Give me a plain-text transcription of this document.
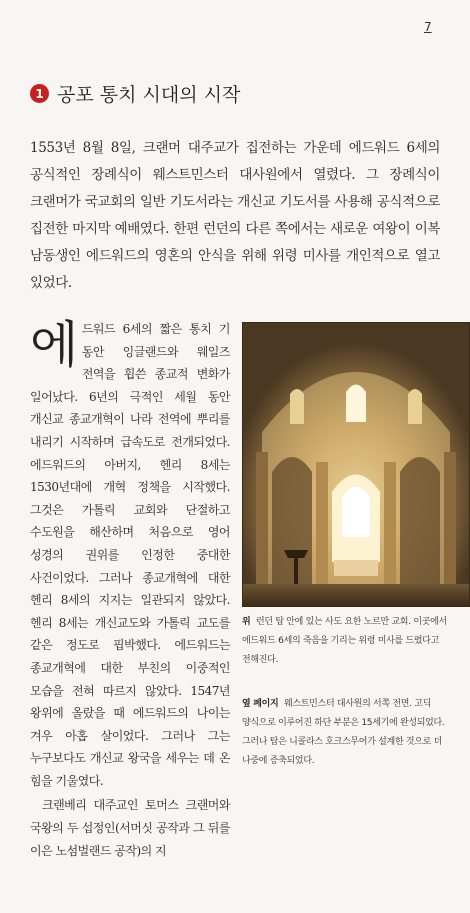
7
1 공포 통치 시대의 시작
1553년 8월 8일, 크랜머 대주교가 집전하는 가운데 에드워드 6세의 공식적인 장례식이 웨스트민스터 대사원에서 열렸다. 그 장례식이 크랜머가 국교회의 일반 기도서라는 개신교 기도서를 사용해 공식적으로 집전한 마지막 예배였다. 한편 런던의 다른 쪽에서는 새로운 여왕이 이복 남동생인 에드워드의 영혼의 안식을 위해 위령 미사를 개인적으로 열고 있었다.

에드워드 6세의 짧은 통치 기 동안 잉글랜드와 웨일즈 전역을 휩쓴 종교적 변화가 일어났다. 6년의 극적인 세월 동안 개신교 종교개혁이 나라 전역에 뿌리를 내리기 시작하며 급속도로 전개되었다. 에드워드의 아버지, 헨리 8세는 1530년대에 개혁 정책을 시작했다. 그것은 가톨릭 교회와 단절하고 수도원을 해산하며 처음으로 영어 성경의 권위를 인정한 중대한 사건이었다. 그러나 종교개혁에 대한 헨리 8세의 지지는 일관되지 않았다. 헨리 8세는 개신교도와 가톨릭 교도를 같은 정도로 핍박했다. 에드워드는 종교개혁에 대한 부친의 이중적인 모습을 전혀 따르지 않았다. 1547년 왕위에 올랐을 때 에드워드의 나이는 겨우 아홉 살이었다. 그러나 그는 누구보다도 개신교 왕국을 세우는 데 온 힘을 기울였다.

크랜베리 대주교인 토머스 크랜머와 국왕의 두 섭정인(서머싯 공작과 그 뒤를 이은 노섬벌랜드 공작)의 지

위 런던 탑 안에 있는 사도 요한 노르만 교회. 이곳에서 에드워드 6세의 죽음을 기리는 위령 미사를 드렸다고 전해진다.
옆 페이지 웨스트민스터 대사원의 서쪽 전면. 고딕 양식으로 이루어진 하단 부분은 15세기에 완성되었다. 그러나 탑은 니콜라스 호크스무어가 설계한 것으로 더 나중에 증축되었다.
